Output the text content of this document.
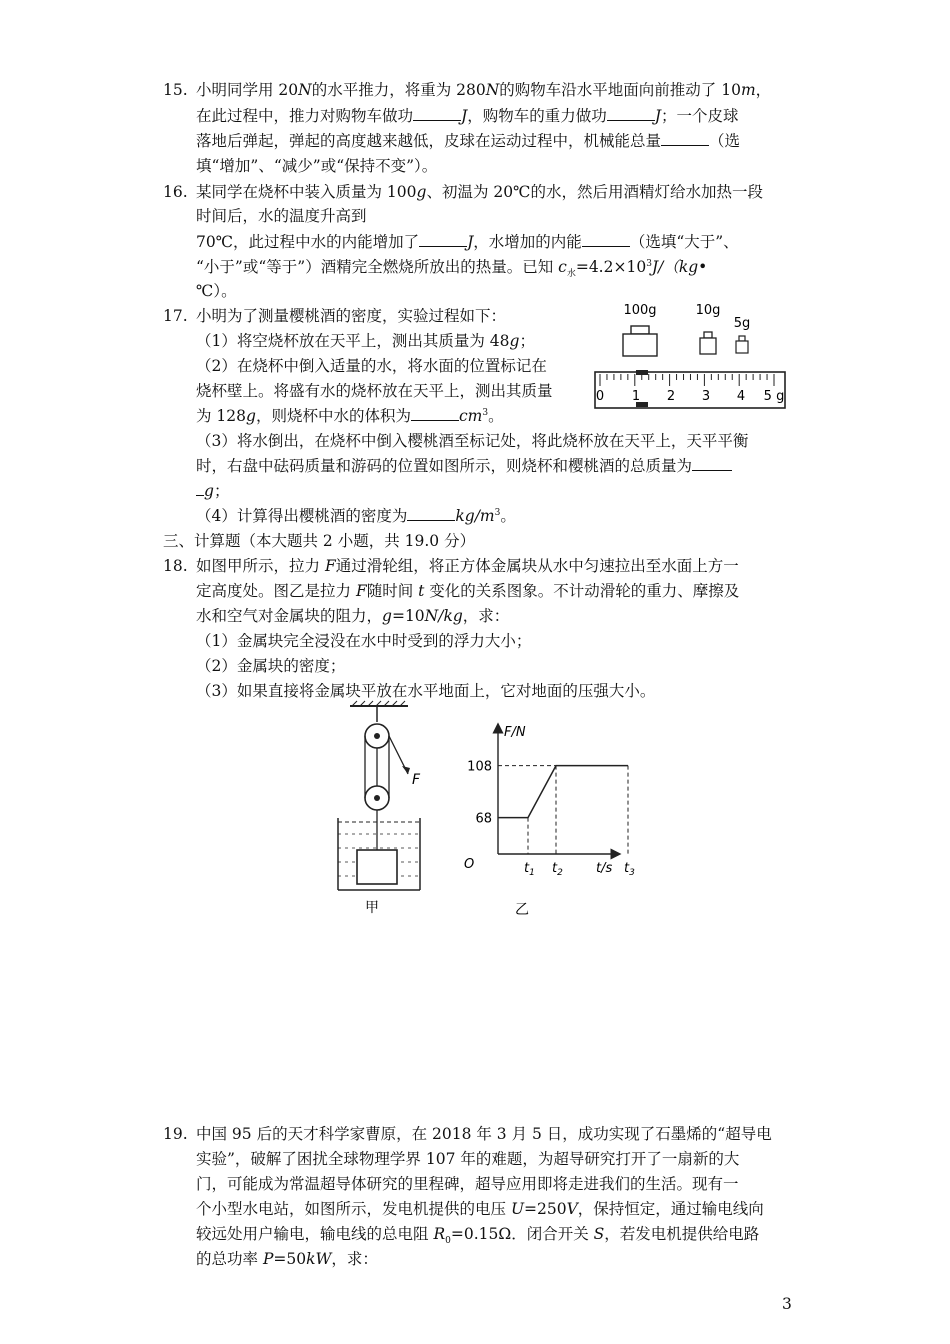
15. 小明同学用 20N的水平推力，将重为 280N的购物车沿水平地面向前推动了 10m，
在此过程中，推力对购物车做功	J，购物车的重力做功	J；一个皮球
落地后弹起，弹起的高度越来越低，皮球在运动过程中，机械能总量	（选
填“增加”、“减少”或“保持不变”）。
16. 某同学在烧杯中装入质量为 100g、初温为 20℃的水，然后用酒精灯给水加热一段
时间后，水的温度升高到
70℃，此过程中水的内能增加了	J，水增加的内能	（选填“大于”、
“小于”或“等于”）酒精完全燃烧所放出的热量。已知 $c_水=4.2\times 10^3J/(kg•$
℃）。
17. 小明为了测量樱桃酒的密度，实验过程如下：
（1）将空烧杯放在天平上，测出其质量为 48g；
（2）在烧杯中倒入适量的水，将水面的位置标记在
烧杯壁上。将盛有水的烧杯放在天平上，测出其质量
为 128g，则烧杯中水的体积为	$cm^3$。
（3）将水倒出，在烧杯中倒入樱桃酒至标记处，将此烧杯放在天平上，天平平衡
时，右盘中砝码质量和游码的位置如图所示，则烧杯和樱桃酒的总质量为
g；
（4）计算得出樱桃酒的密度为	$kg/m^3$。
100g	10g
5g
0 1 2 3 4 5 g
三、计算题（本大题共 2 小题，共 19.0 分）
18. 如图甲所示，拉力 F通过滑轮组，将正方体金属块从水中匀速拉出至水面上方一
定高度处。图乙是拉力 F随时间 t 变化的关系图象。不计动滑轮的重力、摩擦及
水和空气对金属块的阻力，g=10N/kg，求：
（1）金属块完全浸没在水中时受到的浮力大小；
（2）金属块的密度；
（3）如果直接将金属块平放在水平地面上，它对地面的压强大小。
F
甲
F/N
t/s
O
108
68
$t_1$ $t_2$	$t_3$
乙
19. 中国 95 后的天才科学家曹原，在 2018 年 3 月 5 日，成功实现了石墨烯的“超导电
实验”，破解了困扰全球物理学界 107 年的难题，为超导研究打开了一扇新的大
门，可能成为常温超导体研究的里程碑，超导应用即将走进我们的生活。现有一
个小型水电站，如图所示，发电机提供的电压 U=250V，保持恒定，通过输电线向
较远处用户输电，输电线的总电阻 $R_0=0.15\Omega$．闭合开关 S，若发电机提供给电路
的总功率 P=50kW，求：
3
